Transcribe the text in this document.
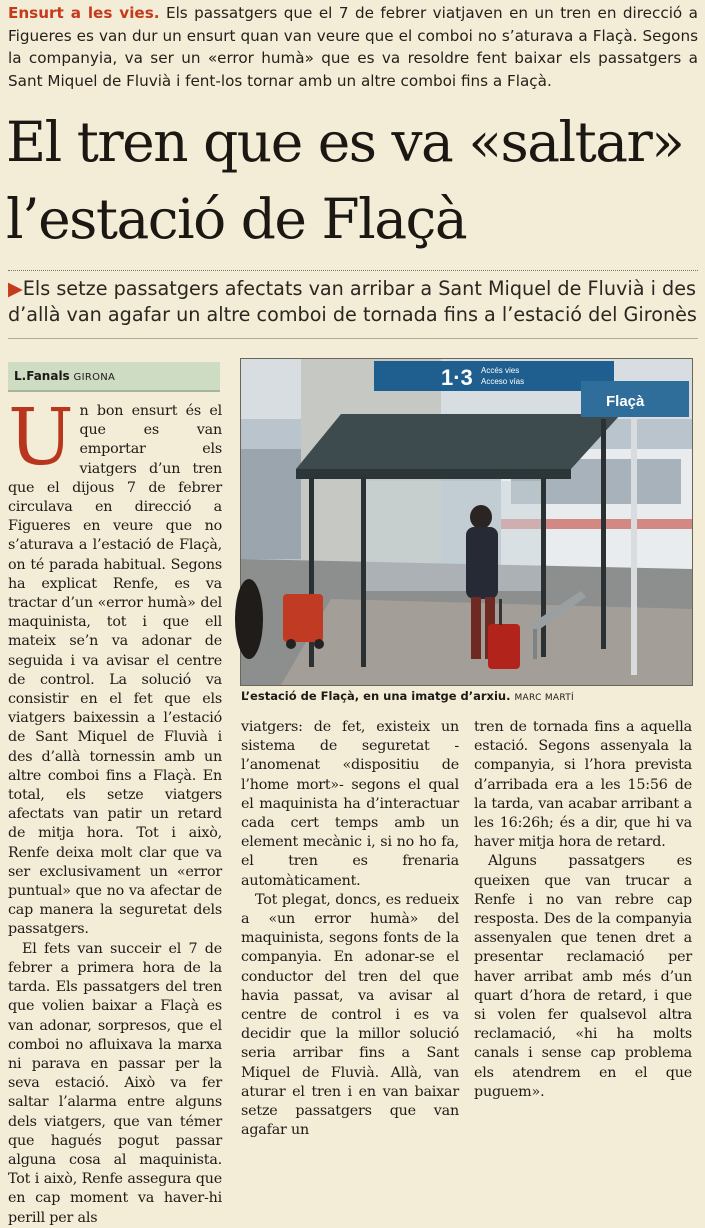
Ensurt a les vies. Els passatgers que el 7 de febrer viatjaven en un tren en direcció a Figueres es van dur un ensurt quan van veure que el comboi no s’aturava a Flaçà. Segons la companyia, va ser un «error humà» que es va resoldre fent baixar els passatgers a Sant Miquel de Fluvià i fent-los tornar amb un altre comboi fins a Flaçà.
El tren que es va «saltar»
l’estació de Flaçà
▶Els setze passatgers afectats van arribar a Sant Miquel de Fluvià i des d’allà van agafar un altre comboi de tornada fins a l’estació del Gironès
L.Fanals GIRONA

Un bon ensurt és el que es van emportar els viatgers d’un tren que el dijous 7 de febrer circulava en direcció a Figueres en veure que no s’aturava a l’estació de Flaçà, on té parada habitual. Segons ha explicat Renfe, es va tractar d’un «error humà» del maquinista, tot i que ell mateix se’n va adonar de seguida i va avisar el centre de control. La solució va consistir en el fet que els viatgers baixessin a l’estació de Sant Miquel de Fluvià i des d’allà tornessin amb un altre comboi fins a Flaçà. En total, els setze viatgers afectats van patir un retard de mitja hora. Tot i això, Renfe deixa molt clar que va ser exclusivament un «error puntual» que no va afectar de cap manera la seguretat dels passatgers.

El fets van succeir el 7 de febrer a primera hora de la tarda. Els passatgers del tren que volien baixar a Flaçà es van adonar, sorpresos, que el comboi no afluixava la marxa ni parava en passar per la seva estació. Això va fer saltar l’alarma entre alguns dels viatgers, que van témer que hagués pogut passar alguna cosa al maquinista. Tot i això, Renfe assegura que en cap moment va haver-hi perill per als

1·3 Accés vies
Acceso vías
Flaçà
L’estació de Flaçà, en una imatge d’arxiu. MARC MARTÍ

viatgers: de fet, existeix un sistema de seguretat -l’anomenat «dispositiu de l’home mort»- segons el qual el maquinista ha d’interactuar cada cert temps amb un element mecànic i, si no ho fa, el tren es frenaria automàticament.

Tot plegat, doncs, es redueix a «un error humà» del maquinista, segons fonts de la companyia. En adonar-se el conductor del tren del que havia passat, va avisar al centre de control i es va decidir que la millor solució seria arribar fins a Sant Miquel de Fluvià. Allà, van aturar el tren i en van baixar setze passatgers que van agafar un

tren de tornada fins a aquella estació. Segons assenyala la companyia, si l’hora prevista d’arribada era a les 15:56 de la tarda, van acabar arribant a les 16:26h; és a dir, que hi va haver mitja hora de retard.

Alguns passatgers es queixen que van trucar a Renfe i no van rebre cap resposta. Des de la companyia assenyalen que tenen dret a presentar reclamació per haver arribat amb més d’un quart d’hora de retard, i que si volen fer qualsevol altra reclamació, «hi ha molts canals i sense cap problema els atendrem en el que puguem».
